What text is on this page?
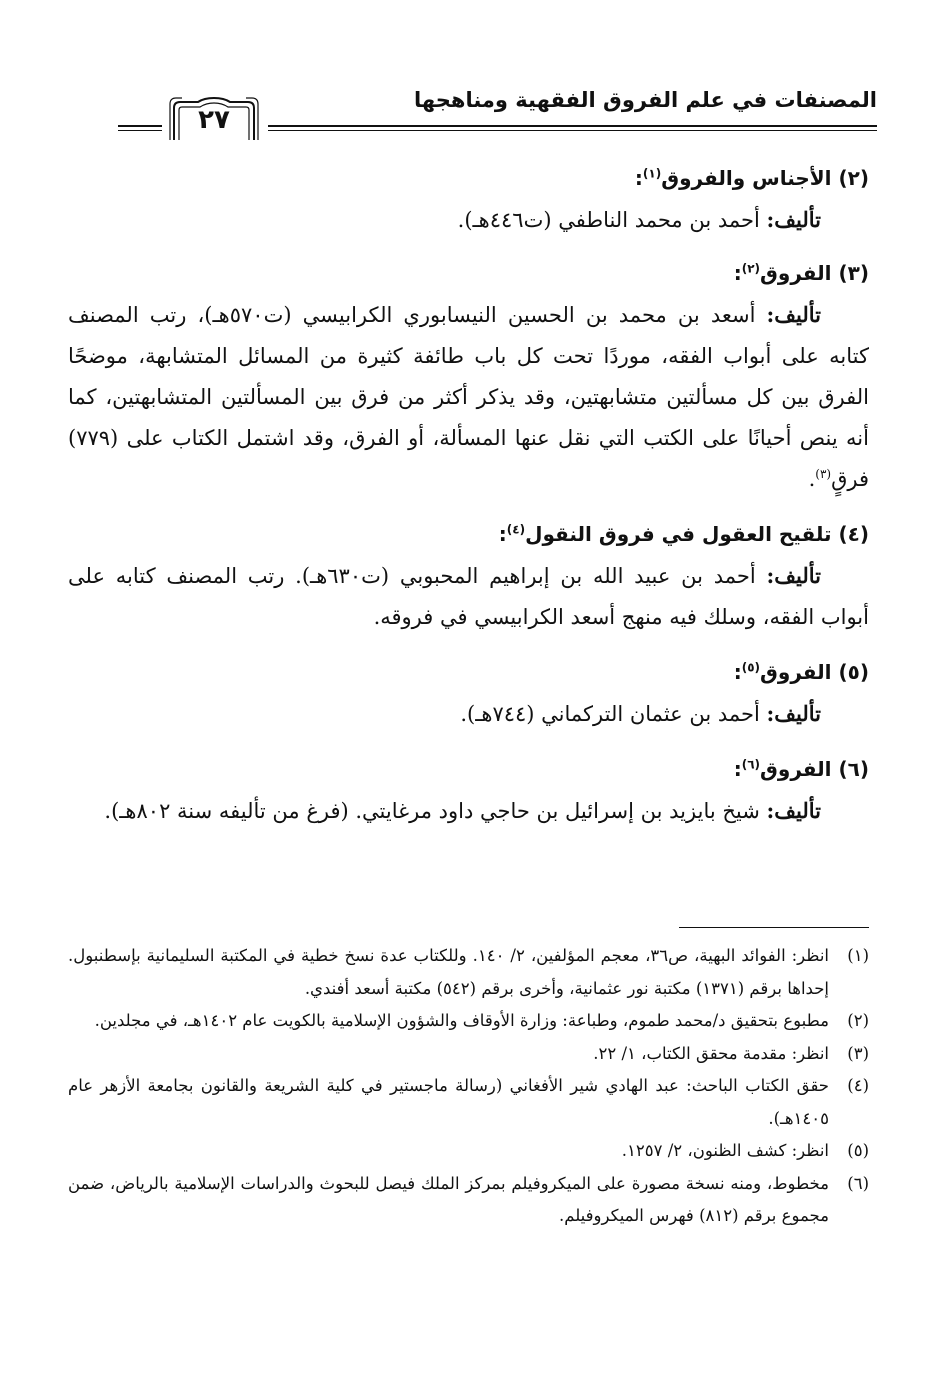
المصنفات في علم الفروق الفقهية ومناهجها
٢٧
(٢) الأجناس والفروق$^{(١)}$:

تأليف: أحمد بن محمد الناطفي (ت٤٤٦هـ).

(٣) الفروق$^{(٢)}$:

تأليف: أسعد بن محمد بن الحسين النيسابوري الكرابيسي (ت٥٧٠هـ)، رتب المصنف كتابه على أبواب الفقه، موردًا تحت كل باب طائفة كثيرة من المسائل المتشابهة، موضحًا الفرق بين كل مسألتين متشابهتين، وقد يذكر أكثر من فرق بين المسألتين المتشابهتين، كما أنه ينص أحيانًا على الكتب التي نقل عنها المسألة، أو الفرق، وقد اشتمل الكتاب على (٧٧٩) فرقٍ$^{(٣)}$.

(٤) تلقيح العقول في فروق النقول$^{(٤)}$:

تأليف: أحمد بن عبيد الله بن إبراهيم المحبوبي (ت٦٣٠هـ). رتب المصنف كتابه على أبواب الفقه، وسلك فيه منهج أسعد الكرابيسي في فروقه.

(٥) الفروق$^{(٥)}$:

تأليف: أحمد بن عثمان التركماني (٧٤٤هـ).

(٦) الفروق$^{(٦)}$:

تأليف: شيخ بايزيد بن إسرائيل بن حاجي داود مرغايتي. (فرغ من تأليفه سنة ٨٠٢هـ).

(١)
انظر: الفوائد البهية، ص٣٦، معجم المؤلفين، ٢/ ١٤٠. وللكتاب عدة نسخ خطية في المكتبة السليمانية بإسطنبول. إحداها برقم (١٣٧١) مكتبة نور عثمانية، وأخرى برقم (٥٤٢) مكتبة أسعد أفندي.
(٢)
مطبوع بتحقيق د/محمد طموم، وطباعة: وزارة الأوقاف والشؤون الإسلامية بالكويت عام ١٤٠٢هـ، في مجلدين.
(٣)
انظر: مقدمة محقق الكتاب، ١/ ٢٢.
(٤)
حقق الكتاب الباحث: عبد الهادي شير الأفغاني (رسالة ماجستير في كلية الشريعة والقانون بجامعة الأزهر عام ١٤٠٥هـ).
(٥)
انظر: كشف الظنون، ٢/ ١٢٥٧.
(٦)
مخطوط، ومنه نسخة مصورة على الميكروفيلم بمركز الملك فيصل للبحوث والدراسات الإسلامية بالرياض، ضمن مجموع برقم (٨١٢) فهرس الميكروفيلم.
